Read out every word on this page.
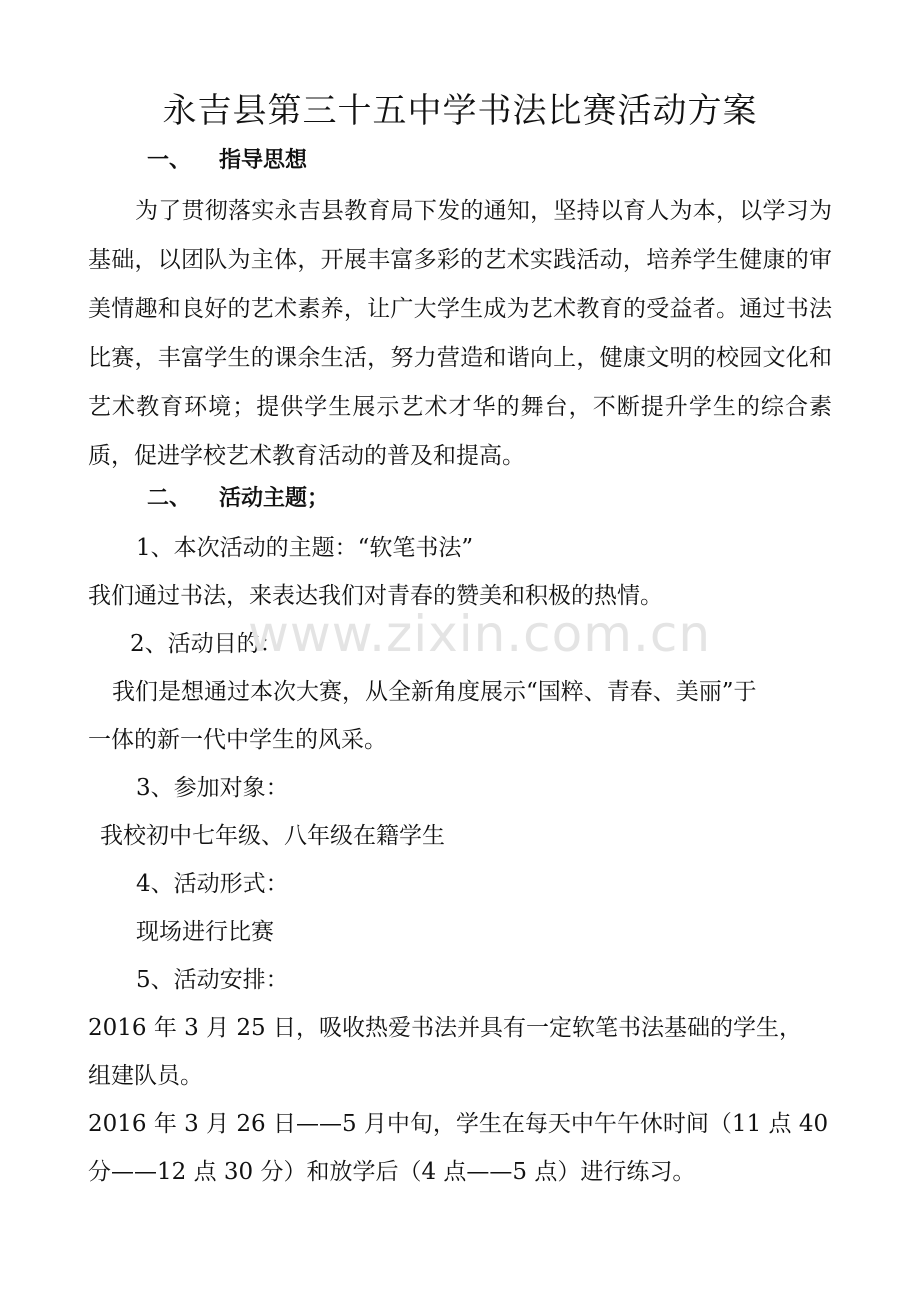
永吉县第三十五中学书法比赛活动方案
一、 指导思想

为了贯彻落实永吉县教育局下发的通知，坚持以育人为本，以学习为基础，以团队为主体，开展丰富多彩的艺术实践活动，培养学生健康的审美情趣和良好的艺术素养，让广大学生成为艺术教育的受益者。通过书法比赛，丰富学生的课余生活，努力营造和谐向上，健康文明的校园文化和艺术教育环境；提供学生展示艺术才华的舞台，不断提升学生的综合素质，促进学校艺术教育活动的普及和提高。

二、 活动主题；
1、本次活动的主题：“软笔书法”
我们通过书法，来表达我们对青春的赞美和积极的热情。
2、活动目的：
我们是想通过本次大赛，从全新角度展示“国粹、青春、美丽”于
一体的新一代中学生的风采。
3、参加对象：
我校初中七年级、八年级在籍学生
4、活动形式：
现场进行比赛
5、活动安排：
2016 年 3 月 25 日，吸收热爱书法并具有一定软笔书法基础的学生，
组建队员。
2016 年 3 月 26 日——5 月中旬，学生在每天中午午休时间（11 点 40
分——12 点 30 分）和放学后（4 点——5 点）进行练习。
www.zixin.com.cn
